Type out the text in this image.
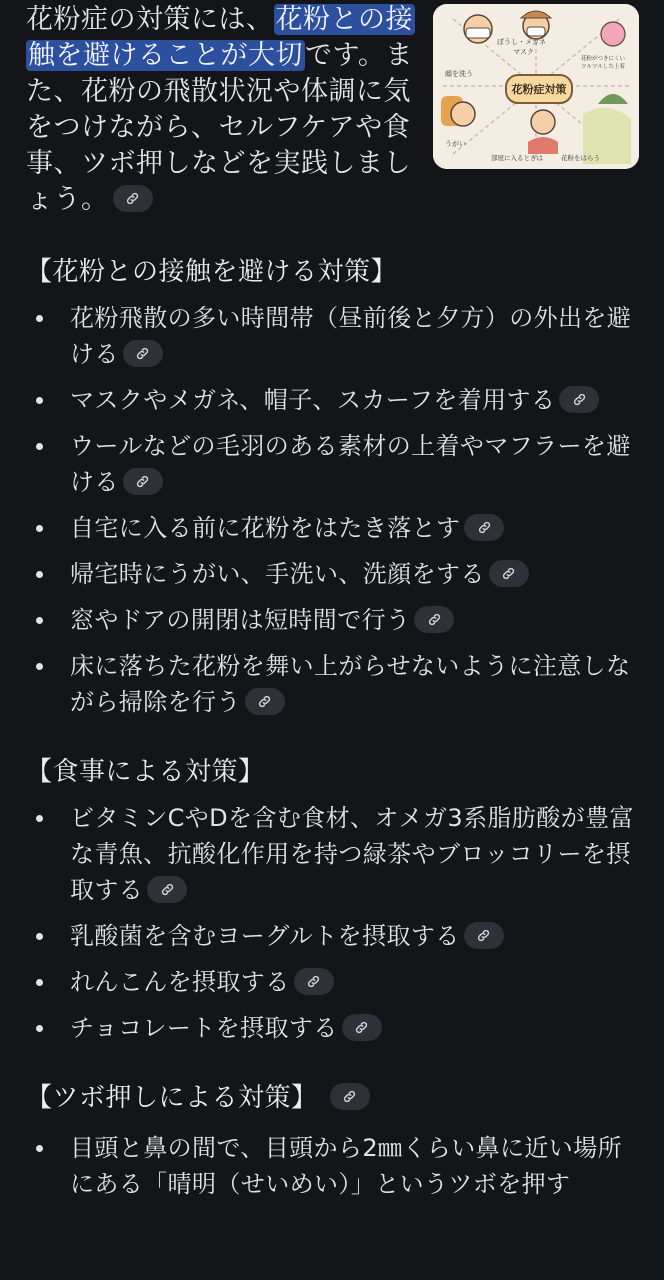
花粉症の対策には、花粉との接触を避けることが大切です。また、花粉の飛散状況や体調に気をつけながら、セルフケアや食事、ツボ押しなどを実践しましょう。
ぼうし・メガネ
マスク
顔を洗う
うがい
部屋に入るときは	花粉をはらう
花粉がつきにくい
ツルツルした上着
花粉症対策
【花粉との接触を避ける対策】
花粉飛散の多い時間帯（昼前後と夕方）の外出を避ける
マスクやメガネ、帽子、スカーフを着用する
ウールなどの毛羽のある素材の上着やマフラーを避ける
自宅に入る前に花粉をはたき落とす
帰宅時にうがい、手洗い、洗顔をする
窓やドアの開閉は短時間で行う
床に落ちた花粉を舞い上がらせないように注意しながら掃除を行う
【食事による対策】
ビタミンCやDを含む食材、オメガ3系脂肪酸が豊富な青魚、抗酸化作用を持つ緑茶やブロッコリーを摂取する
乳酸菌を含むヨーグルトを摂取する
れんこんを摂取する
チョコレートを摂取する
【ツボ押しによる対策】
目頭と鼻の間で、目頭から2㎜くらい鼻に近い場所にある「晴明（せいめい）」というツボを押す
